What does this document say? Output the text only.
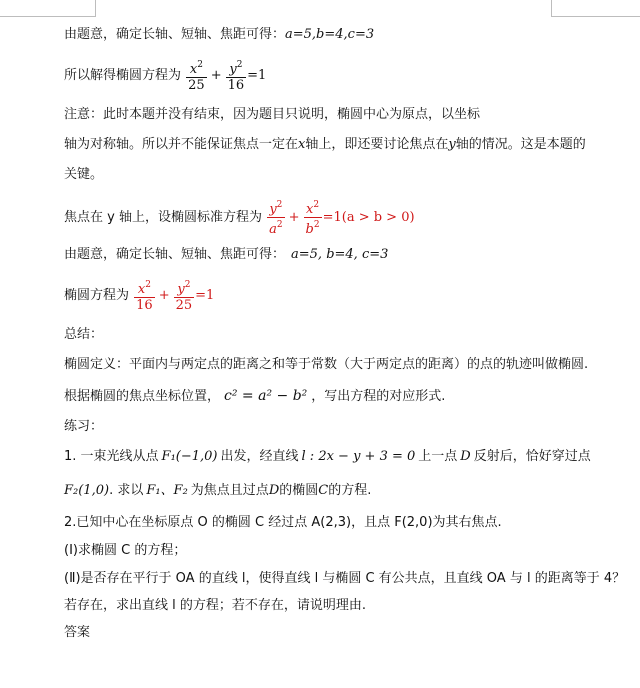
由题意，确定长轴、短轴、焦距可得：a=5,b=4,c=3
所以解得椭圆方程为 $\frac{x^2}{25} + \frac{y^2}{16} =1$
注意：此时本题并没有结束，因为题目只说明，椭圆中心为原点，以坐标
轴为对称轴。所以并不能保证焦点一定在x轴上，即还要讨论焦点在y轴的情况。这是本题的
关键。
焦点在 y 轴上，设椭圆标准方程为 $\frac{y^2}{a^2} + \frac{x^2}{b^2} =1(a > b > 0)$
由题意，确定长轴、短轴、焦距可得： a=5, b=4, c=3
椭圆方程为 $\frac{x^2}{16} + \frac{y^2}{25} =1$
总结：
椭圆定义：平面内与两定点的距离之和等于常数（大于两定点的距离）的点的轨迹叫做椭圆.
根据椭圆的焦点坐标位置， c² = a² − b² ，写出方程的对应形式.
练习：
1. 一束光线从点 F₁(−1,0) 出发，经直线 l : 2x − y + 3 = 0 上一点 D 反射后，恰好穿过点
F₂(1,0). 求以 F₁、F₂ 为焦点且过点D的椭圆C的方程.
2.已知中心在坐标原点 O 的椭圆 C 经过点 A(2,3)，且点 F(2,0)为其右焦点.
(Ⅰ)求椭圆 C 的方程；
(Ⅱ)是否存在平行于 OA 的直线 l，使得直线 l 与椭圆 C 有公共点，且直线 OA 与 l 的距离等于 4？
若存在，求出直线 l 的方程；若不存在，请说明理由.
答案
